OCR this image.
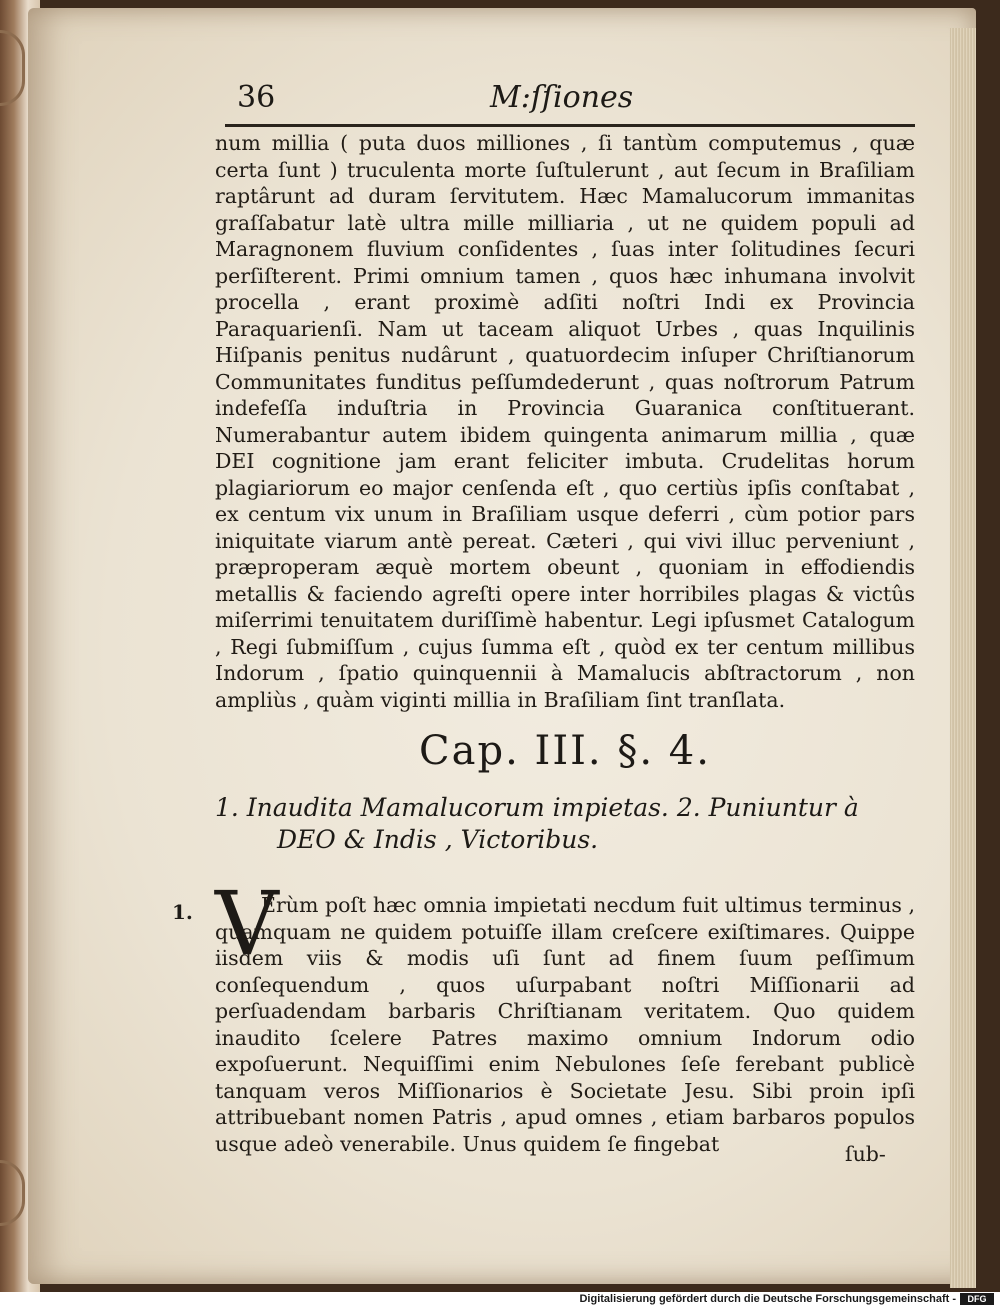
36	M:ſſiones

num millia ( puta duos milliones , ſi tantùm computemus , quæ certa ſunt ) truculenta morte ſuſtulerunt , aut ſecum in Braſiliam raptârunt ad duram ſervitutem. Hæc Mamalucorum immanitas graſſabatur latè ultra mille milliaria , ut ne quidem populi ad Maragnonem fluvium conſidentes , ſuas inter ſolitudines ſecuri perſiſterent. Primi omnium tamen , quos hæc inhumana involvit procella , erant proximè adſiti noſtri Indi ex Provincia Paraquarienſi. Nam ut taceam aliquot Urbes , quas Inquilinis Hiſpanis penitus nudârunt , quatuordecim inſuper Chriſtianorum Communitates funditus peſſumdederunt , quas noſtrorum Patrum indefeſſa induſtria in Provincia Guaranica conſtituerant. Numerabantur autem ibidem quingenta animarum millia , quæ DEI cognitione jam erant feliciter imbuta. Crudelitas horum plagiariorum eo major cenſenda eſt , quo certiùs ipſis conſtabat , ex centum vix unum in Braſiliam usque deferri , cùm potior pars iniquitate viarum antè pereat. Cæteri , qui vivi illuc perveniunt , præproperam æquè mortem obeunt , quoniam in effodiendis metallis & faciendo agreſti opere inter horribiles plagas & victûs miſerrimi tenuitatem duriſſimè habentur. Legi ipſusmet Catalogum , Regi ſubmiſſum , cujus ſumma eſt , quòd ex ter centum millibus Indorum , ſpatio quinquennii à Mamalucis abſtractorum , non ampliùs , quàm viginti millia in Braſiliam ſint tranſlata.

Cap. III. §. 4.
1. Inaudita Mamalucorum impietas. 2. Puniuntur à
DEO & Indis , Victoribus.
1. V

Erùm poſt hæc omnia impietati necdum fuit ultimus terminus , quamquam ne quidem potuiſſe illam creſcere exiſtimares. Quippe iisdem viis & modis uſi ſunt ad finem ſuum peſſimum conſequendum , quos uſurpabant noſtri Miſſionarii ad perſuadendam barbaris Chriſtianam veritatem. Quo quidem inaudito ſcelere Patres maximo omnium Indorum odio expoſuerunt. Nequiſſimi enim Nebulones ſeſe ferebant publicè tanquam veros Miſſionarios è Societate Jesu. Sibi proin ipſi attribuebant nomen Patris , apud omnes , etiam barbaros populos usque adeò venerabile. Unus quidem ſe fingebat	ſub-
Digitalisierung gefördert durch die Deutsche Forschungsgemeinschaft -	DFG
